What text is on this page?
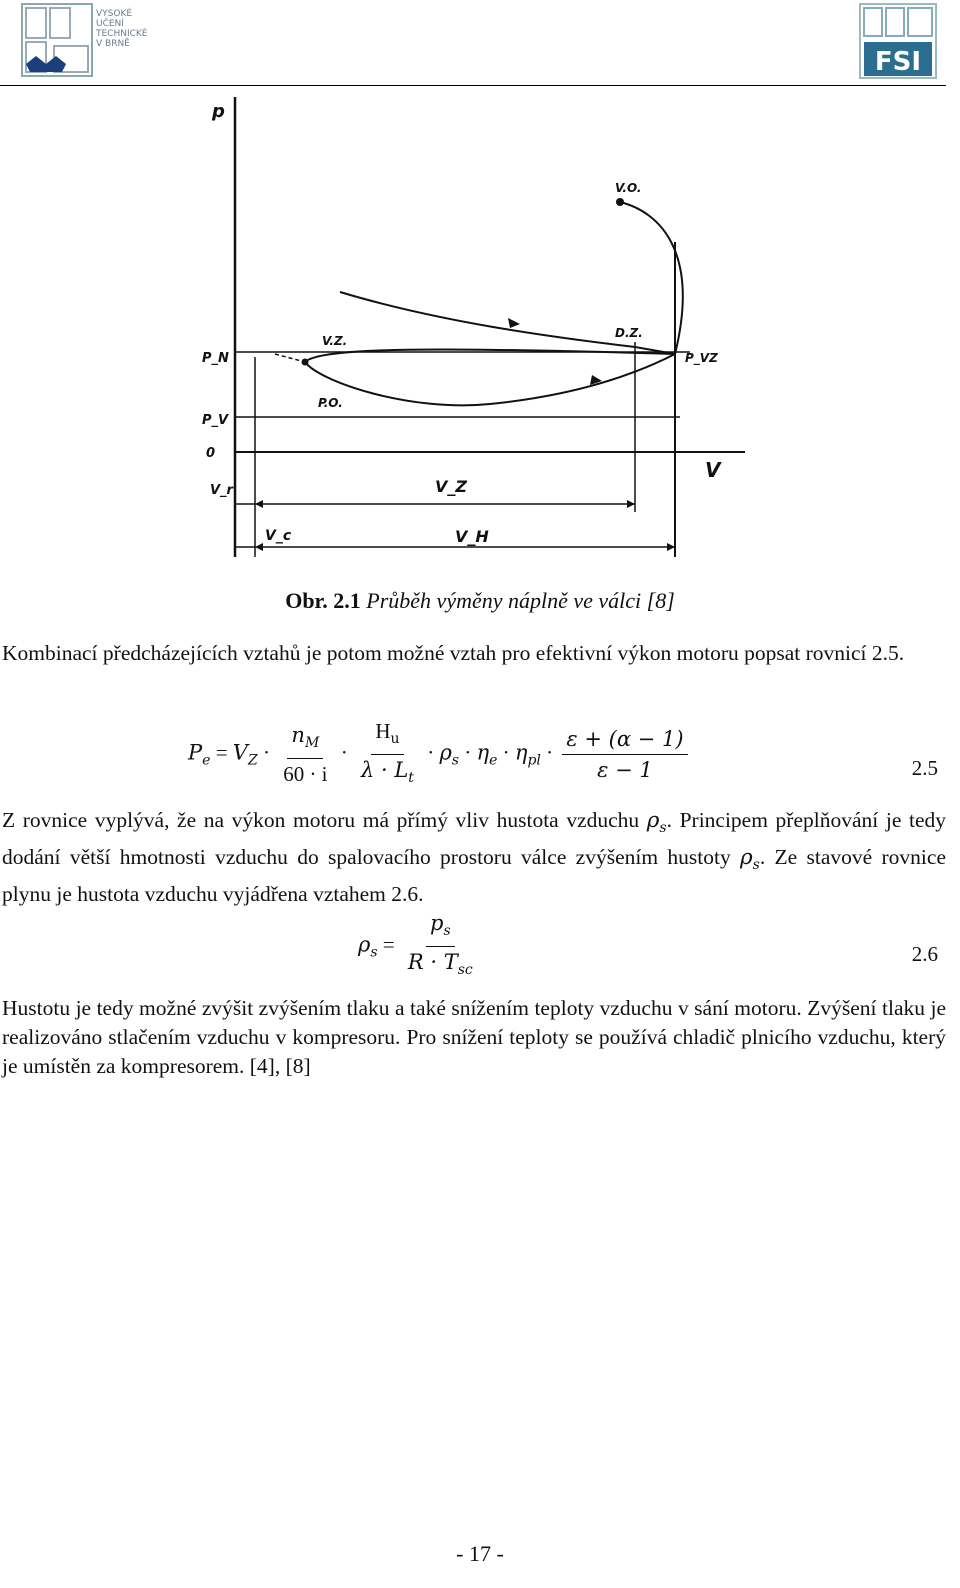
VYSOKÉ
UČENÍ
TECHNICKÉ
V BRNĚ
FSI
p
V
V.O.
V.Z.
D.Z.
P.O.
P_N
P_V
0
P_VZ
V_r	V_Z
V_c	V_H
Obr. 2.1 Průběh výměny náplně ve válci [8]
Kombinací předcházejících vztahů je potom možné vztah pro efektivní výkon motoru popsat rovnicí 2.5.
$P_e = V_Z \cdot \frac{n_M}{60 \cdot i} \cdot \frac{H_u}{\lambda \cdot L_t} \cdot \rho_s \cdot \eta_e \cdot \eta_{pl} \cdot \frac{\varepsilon + (\alpha - 1)}{\varepsilon - 1}$	2.5
Z rovnice vyplývá, že na výkon motoru má přímý vliv hustota vzduchu $\rho_s$. Principem přeplňování je tedy dodání větší hmotnosti vzduchu do spalovacího prostoru válce zvýšením hustoty $\rho_s$. Ze stavové rovnice plynu je hustota vzduchu vyjádřena vztahem 2.6.
$\rho_s = \frac{p_s}{R \cdot T_{sc}}$	2.6
Hustotu je tedy možné zvýšit zvýšením tlaku a také snížením teploty vzduchu v sání motoru. Zvýšení tlaku je realizováno stlačením vzduchu v kompresoru. Pro snížení teploty se používá chladič plnicího vzduchu, který je umístěn za kompresorem. [4], [8]
- 17 -
